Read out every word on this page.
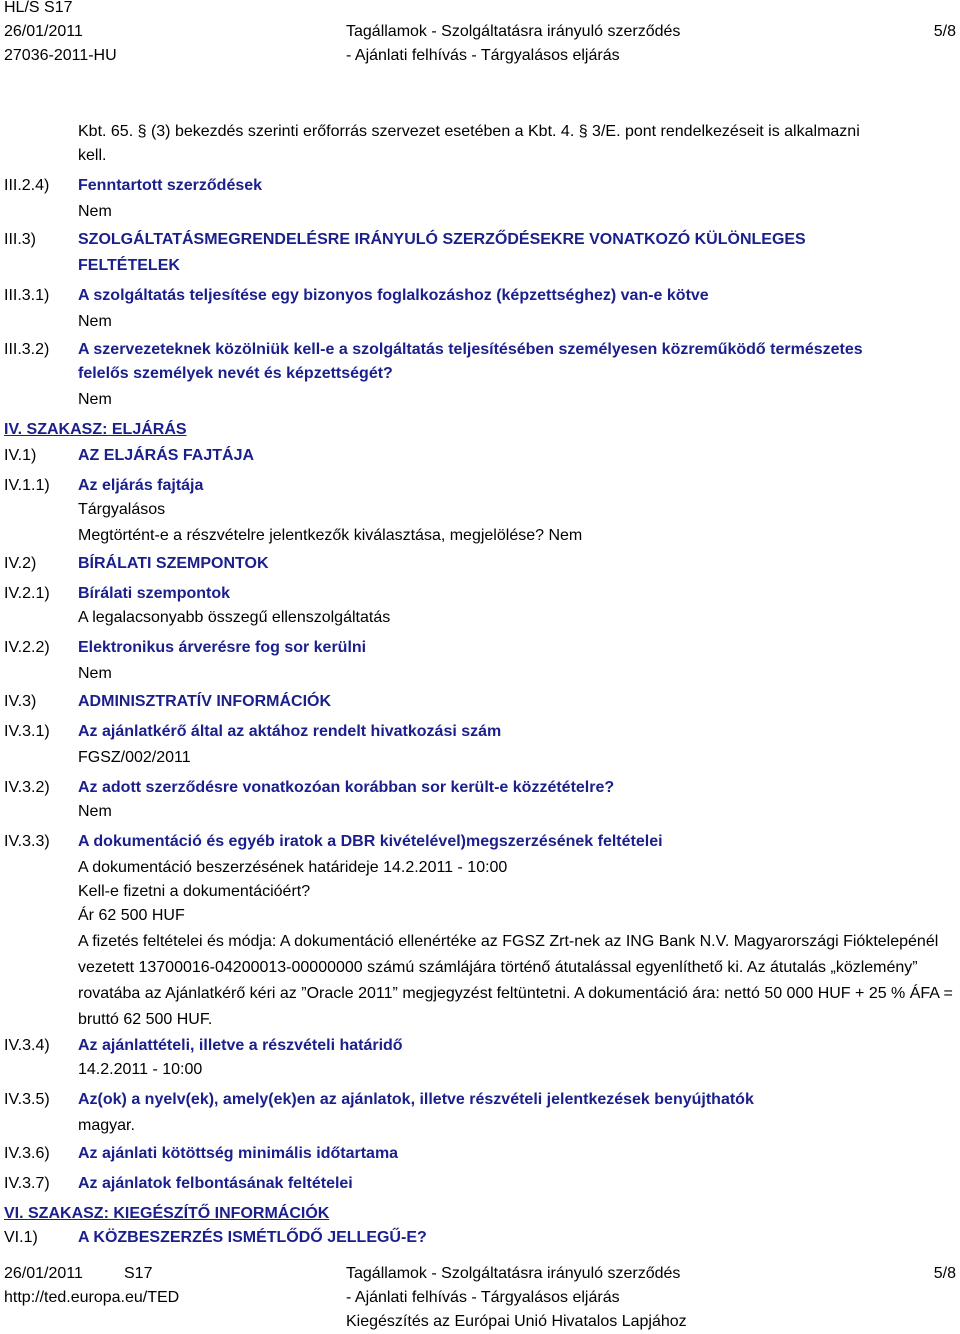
HL/S S17
26/01/2011
27036-2011-HU
Tagállamok - Szolgáltatásra irányuló szerződés
- Ajánlati felhívás - Tárgyalásos eljárás
5/8
Kbt. 65. § (3) bekezdés szerinti erőforrás szervezet esetében a Kbt. 4. § 3/E. pont rendelkezéseit is alkalmazni
kell.
III.2.4) Fenntartott szerződések
Nem
III.3)	SZOLGÁLTATÁSMEGRENDELÉSRE IRÁNYULÓ SZERZŐDÉSEKRE VONATKOZÓ KÜLÖNLEGES
FELTÉTELEK
III.3.1) A szolgáltatás teljesítése egy bizonyos foglalkozáshoz (képzettséghez) van-e kötve
Nem
III.3.2) A szervezeteknek közölniük kell-e a szolgáltatás teljesítésében személyesen közreműködő természetes
felelős személyek nevét és képzettségét?
Nem
IV. SZAKASZ: ELJÁRÁS
IV.1)	AZ ELJÁRÁS FAJTÁJA
IV.1.1) Az eljárás fajtája
Tárgyalásos
Megtörtént-e a részvételre jelentkezők kiválasztása, megjelölése? Nem
IV.2)	BÍRÁLATI SZEMPONTOK
IV.2.1) Bírálati szempontok
A legalacsonyabb összegű ellenszolgáltatás
IV.2.2) Elektronikus árverésre fog sor kerülni
Nem
IV.3)	ADMINISZTRATÍV INFORMÁCIÓK
IV.3.1) Az ajánlatkérő által az aktához rendelt hivatkozási szám
FGSZ/002/2011
IV.3.2) Az adott szerződésre vonatkozóan korábban sor került-e közzétételre?
Nem
IV.3.3) A dokumentáció és egyéb iratok a DBR kivételével)megszerzésének feltételei
A dokumentáció beszerzésének határideje 14.2.2011 - 10:00
Kell-e fizetni a dokumentációért?
Ár 62 500 HUF
A fizetés feltételei és módja: A dokumentáció ellenértéke az FGSZ Zrt-nek az ING Bank N.V. Magyarországi Fióktelepénél vezetett 13700016-04200013-00000000 számú számlájára történő átutalással egyenlíthető ki. Az átutalás „közlemény” rovatába az Ajánlatkérő kéri az ”Oracle 2011” megjegyzést feltüntetni. A dokumentáció ára: nettó 50 000 HUF + 25 % ÁFA = bruttó 62 500 HUF.
IV.3.4) Az ajánlattételi, illetve a részvételi határidő
14.2.2011 - 10:00
IV.3.5) Az(ok) a nyelv(ek), amely(ek)en az ajánlatok, illetve részvételi jelentkezések benyújthatók
magyar.
IV.3.6) Az ajánlati kötöttség minimális időtartama
IV.3.7) Az ajánlatok felbontásának feltételei
VI. SZAKASZ: KIEGÉSZÍTŐ INFORMÁCIÓK
VI.1)	A KÖZBESZERZÉS ISMÉTLŐDŐ JELLEGŰ-E?
26/01/2011	S17
http://ted.europa.eu/TED
Tagállamok - Szolgáltatásra irányuló szerződés
- Ajánlati felhívás - Tárgyalásos eljárás
Kiegészítés az Európai Unió Hivatalos Lapjához
5/8
